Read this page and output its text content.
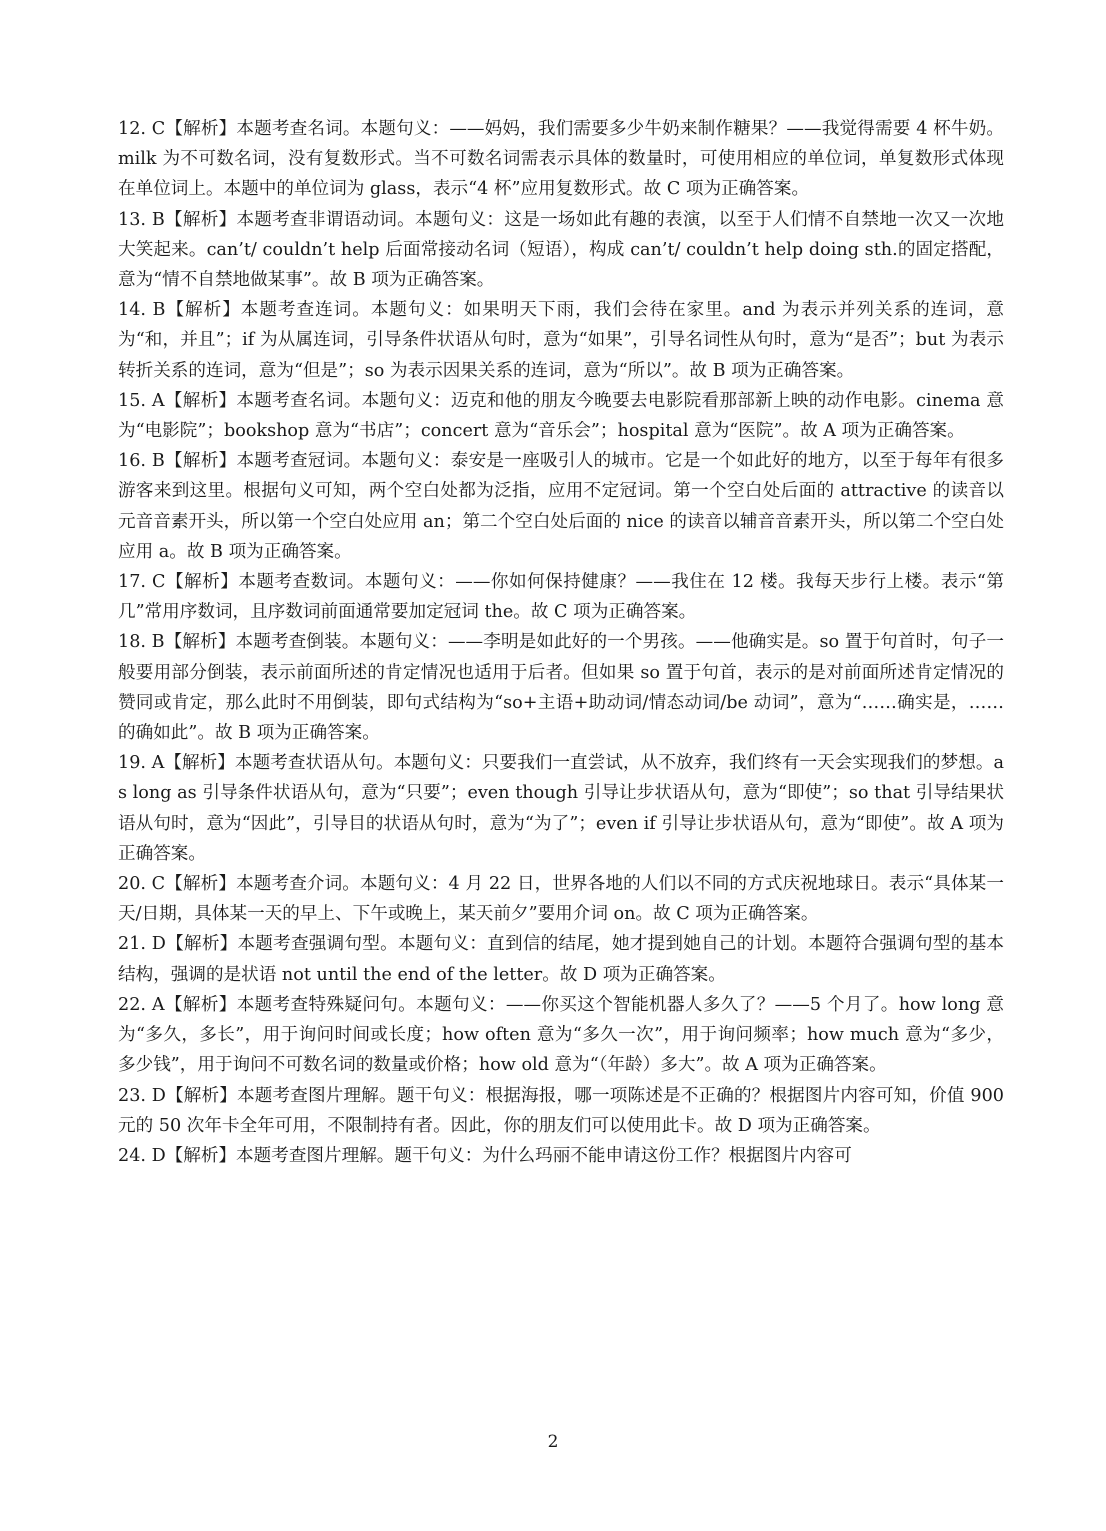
12. C【解析】本题考查名词。本题句义：——妈妈，我们需要多少牛奶来制作糖果？——我觉得需要 4 杯牛奶。milk 为不可数名词，没有复数形式。当不可数名词需表示具体的数量时，可使用相应的单位词，单复数形式体现在单位词上。本题中的单位词为 glass，表示“4 杯”应用复数形式。故 C 项为正确答案。

13. B【解析】本题考查非谓语动词。本题句义：这是一场如此有趣的表演，以至于人们情不自禁地一次又一次地大笑起来。can’t/ couldn’t help 后面常接动名词（短语），构成 can’t/ couldn’t help doing sth.的固定搭配，意为“情不自禁地做某事”。故 B 项为正确答案。

14. B【解析】本题考查连词。本题句义：如果明天下雨，我们会待在家里。and 为表示并列关系的连词，意为“和，并且”；if 为从属连词，引导条件状语从句时，意为“如果”，引导名词性从句时，意为“是否”；but 为表示转折关系的连词，意为“但是”；so 为表示因果关系的连词，意为“所以”。故 B 项为正确答案。

15. A【解析】本题考查名词。本题句义：迈克和他的朋友今晚要去电影院看那部新上映的动作电影。cinema 意为“电影院”；bookshop 意为“书店”；concert 意为“音乐会”；hospital 意为“医院”。故 A 项为正确答案。

16. B【解析】本题考查冠词。本题句义：泰安是一座吸引人的城市。它是一个如此好的地方，以至于每年有很多游客来到这里。根据句义可知，两个空白处都为泛指，应用不定冠词。第一个空白处后面的 attractive 的读音以元音音素开头，所以第一个空白处应用 an；第二个空白处后面的 nice 的读音以辅音音素开头，所以第二个空白处应用 a。故 B 项为正确答案。

17. C【解析】本题考查数词。本题句义：——你如何保持健康？——我住在 12 楼。我每天步行上楼。表示“第几”常用序数词，且序数词前面通常要加定冠词 the。故 C 项为正确答案。

18. B【解析】本题考查倒装。本题句义：——李明是如此好的一个男孩。——他确实是。so 置于句首时，句子一般要用部分倒装，表示前面所述的肯定情况也适用于后者。但如果 so 置于句首，表示的是对前面所述肯定情况的赞同或肯定，那么此时不用倒装，即句式结构为“so+主语+助动词/情态动词/be 动词”，意为“……确实是，……的确如此”。故 B 项为正确答案。

19. A【解析】本题考查状语从句。本题句义：只要我们一直尝试，从不放弃，我们终有一天会实现我们的梦想。as long as 引导条件状语从句，意为“只要”；even though 引导让步状语从句，意为“即使”；so that 引导结果状语从句时，意为“因此”，引导目的状语从句时，意为“为了”；even if 引导让步状语从句，意为“即使”。故 A 项为正确答案。

20. C【解析】本题考查介词。本题句义：4 月 22 日，世界各地的人们以不同的方式庆祝地球日。表示“具体某一天/日期，具体某一天的早上、下午或晚上，某天前夕”要用介词 on。故 C 项为正确答案。

21. D【解析】本题考查强调句型。本题句义：直到信的结尾，她才提到她自己的计划。本题符合强调句型的基本结构，强调的是状语 not until the end of the letter。故 D 项为正确答案。

22. A【解析】本题考查特殊疑问句。本题句义：——你买这个智能机器人多久了？——5 个月了。how long 意为“多久，多长”，用于询问时间或长度；how often 意为“多久一次”，用于询问频率；how much 意为“多少，多少钱”，用于询问不可数名词的数量或价格；how old 意为“（年龄）多大”。故 A 项为正确答案。

23. D【解析】本题考查图片理解。题干句义：根据海报，哪一项陈述是不正确的？根据图片内容可知，价值 900 元的 50 次年卡全年可用，不限制持有者。因此，你的朋友们可以使用此卡。故 D 项为正确答案。

24. D【解析】本题考查图片理解。题干句义：为什么玛丽不能申请这份工作？根据图片内容可

2
